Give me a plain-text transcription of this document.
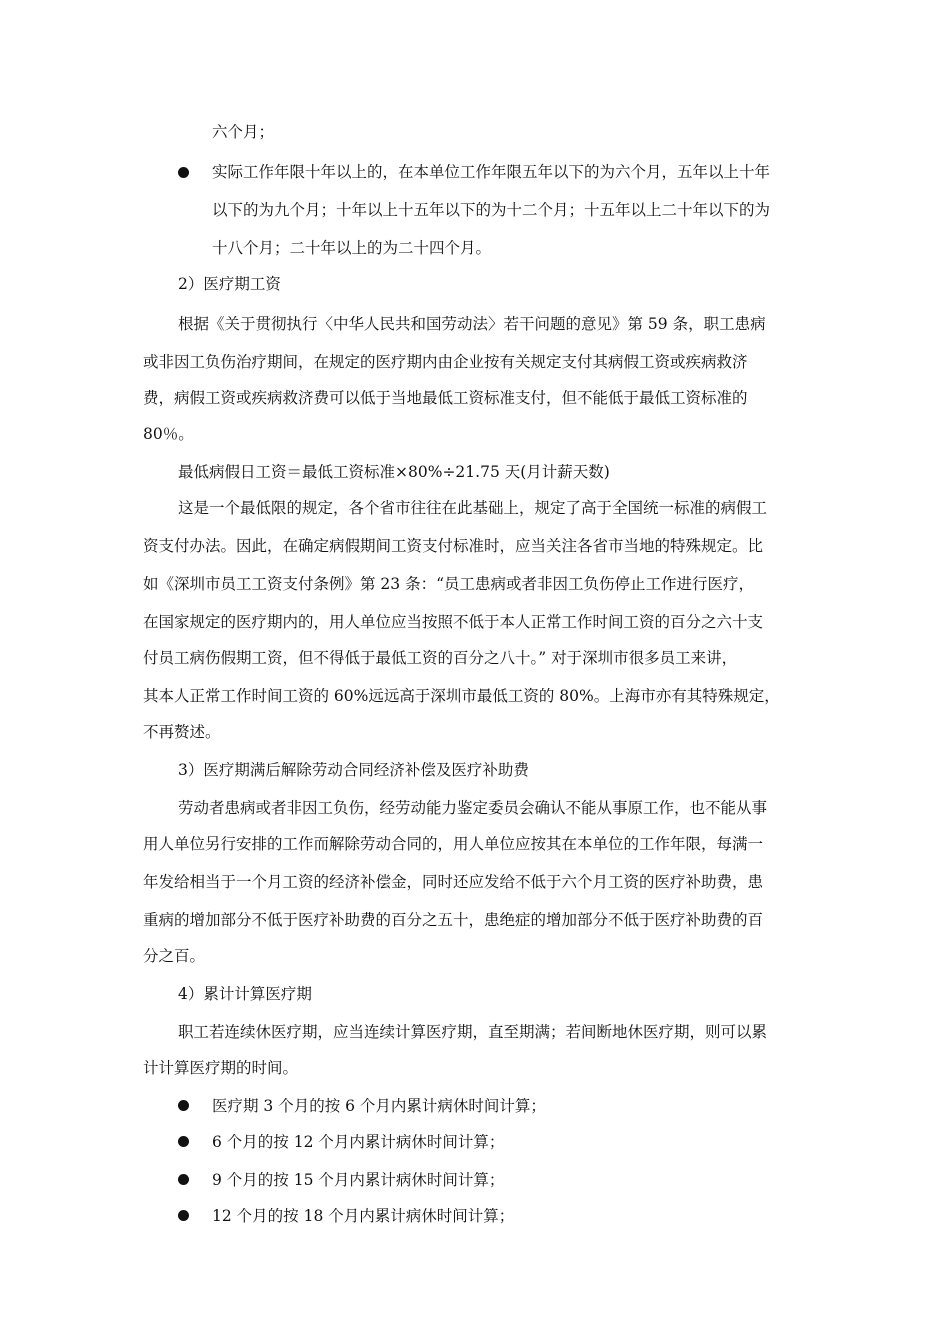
六个月；
实际工作年限十年以上的，在本单位工作年限五年以下的为六个月，五年以上十年
以下的为九个月；十年以上十五年以下的为十二个月；十五年以上二十年以下的为
十八个月；二十年以上的为二十四个月。
2）医疗期工资
根据《关于贯彻执行〈中华人民共和国劳动法〉若干问题的意见》第 59 条，职工患病
或非因工负伤治疗期间，在规定的医疗期内由企业按有关规定支付其病假工资或疾病救济
费，病假工资或疾病救济费可以低于当地最低工资标准支付，但不能低于最低工资标准的
80％。
最低病假日工资＝最低工资标准×80%÷21.75 天(月计薪天数)
这是一个最低限的规定，各个省市往往在此基础上，规定了高于全国统一标准的病假工
资支付办法。因此，在确定病假期间工资支付标准时，应当关注各省市当地的特殊规定。比
如《深圳市员工工资支付条例》第 23 条：“员工患病或者非因工负伤停止工作进行医疗，
在国家规定的医疗期内的，用人单位应当按照不低于本人正常工作时间工资的百分之六十支
付员工病伤假期工资，但不得低于最低工资的百分之八十。” 对于深圳市很多员工来讲，
其本人正常工作时间工资的 60%远远高于深圳市最低工资的 80%。上海市亦有其特殊规定，
不再赘述。
3）医疗期满后解除劳动合同经济补偿及医疗补助费
劳动者患病或者非因工负伤，经劳动能力鉴定委员会确认不能从事原工作，也不能从事
用人单位另行安排的工作而解除劳动合同的，用人单位应按其在本单位的工作年限，每满一
年发给相当于一个月工资的经济补偿金，同时还应发给不低于六个月工资的医疗补助费，患
重病的增加部分不低于医疗补助费的百分之五十，患绝症的增加部分不低于医疗补助费的百
分之百。
4）累计计算医疗期
职工若连续休医疗期，应当连续计算医疗期，直至期满；若间断地休医疗期，则可以累
计计算医疗期的时间。
医疗期 3 个月的按 6 个月内累计病休时间计算；
6 个月的按 12 个月内累计病休时间计算；
9 个月的按 15 个月内累计病休时间计算；
12 个月的按 18 个月内累计病休时间计算；
